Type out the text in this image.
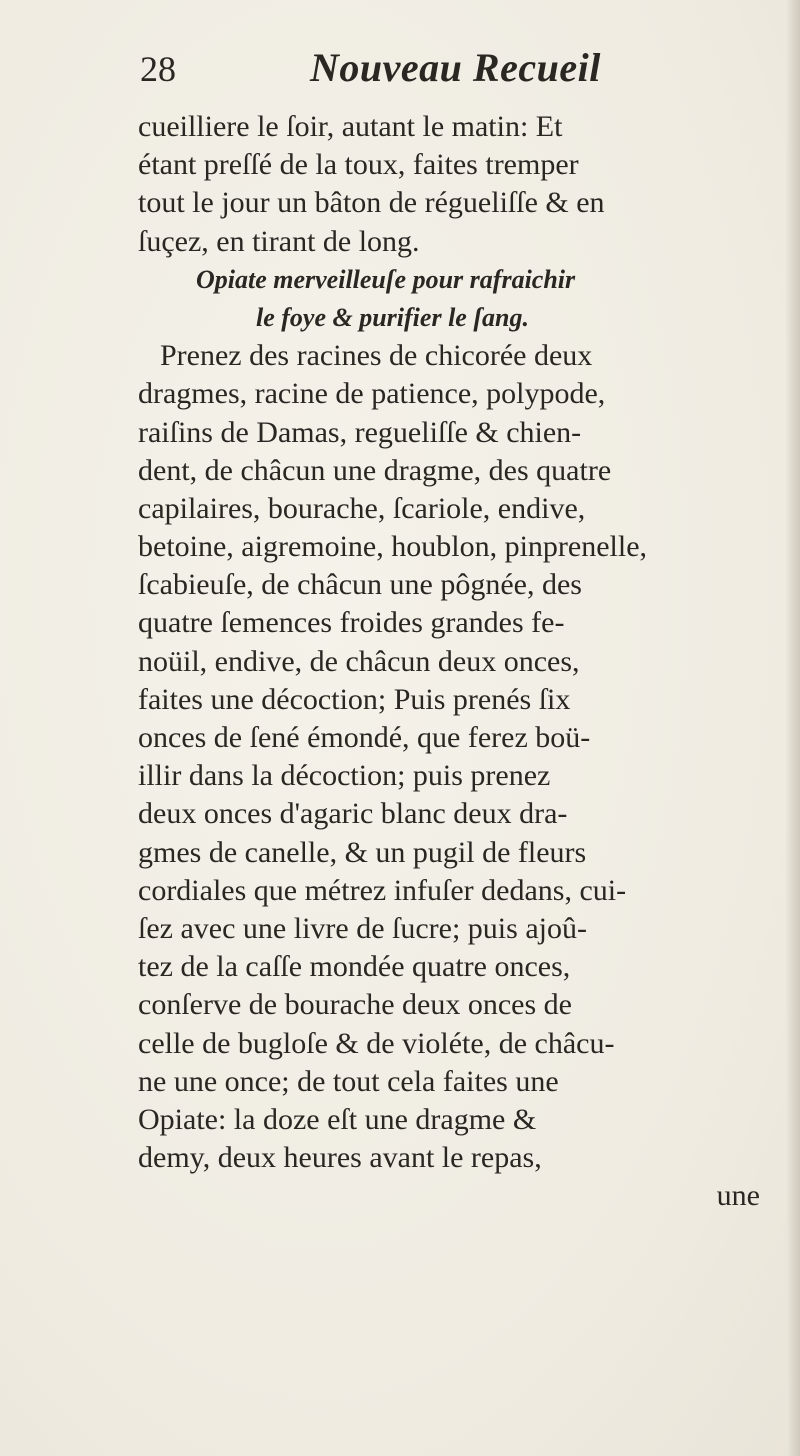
28	Nouveau Recueil
cueilliere le ſoir, autant le matin: Et
étant preſſé de la toux, faites tremper
tout le jour un bâton de régueliſſe & en
ſuçez, en tirant de long.
Opiate merveilleuſe pour rafraichir
le foye & purifier le ſang.
Prenez des racines de chicorée deux
dragmes, racine de patience, polypode,
raiſins de Damas, regueliſſe & chien-
dent, de châcun une dragme, des quatre
capilaires, bourache, ſcariole, endive,
betoine, aigremoine, houblon, pinprenelle,
ſcabieuſe, de châcun une pôgnée, des
quatre ſemences froides grandes fe-
noüil, endive, de châcun deux onces,
faites une décoction; Puis prenés ſix
onces de ſené émondé, que ferez boü-
illir dans la décoction; puis prenez
deux onces d'agaric blanc deux dra-
gmes de canelle, & un pugil de fleurs
cordiales que métrez infuſer dedans, cui-
ſez avec une livre de ſucre; puis ajoû-
tez de la caſſe mondée quatre onces,
conſerve de bourache deux onces de
celle de bugloſe & de violéte, de châcu-
ne une once; de tout cela faites une
Opiate: la doze eſt une dragme &
demy, deux heures avant le repas,
une
